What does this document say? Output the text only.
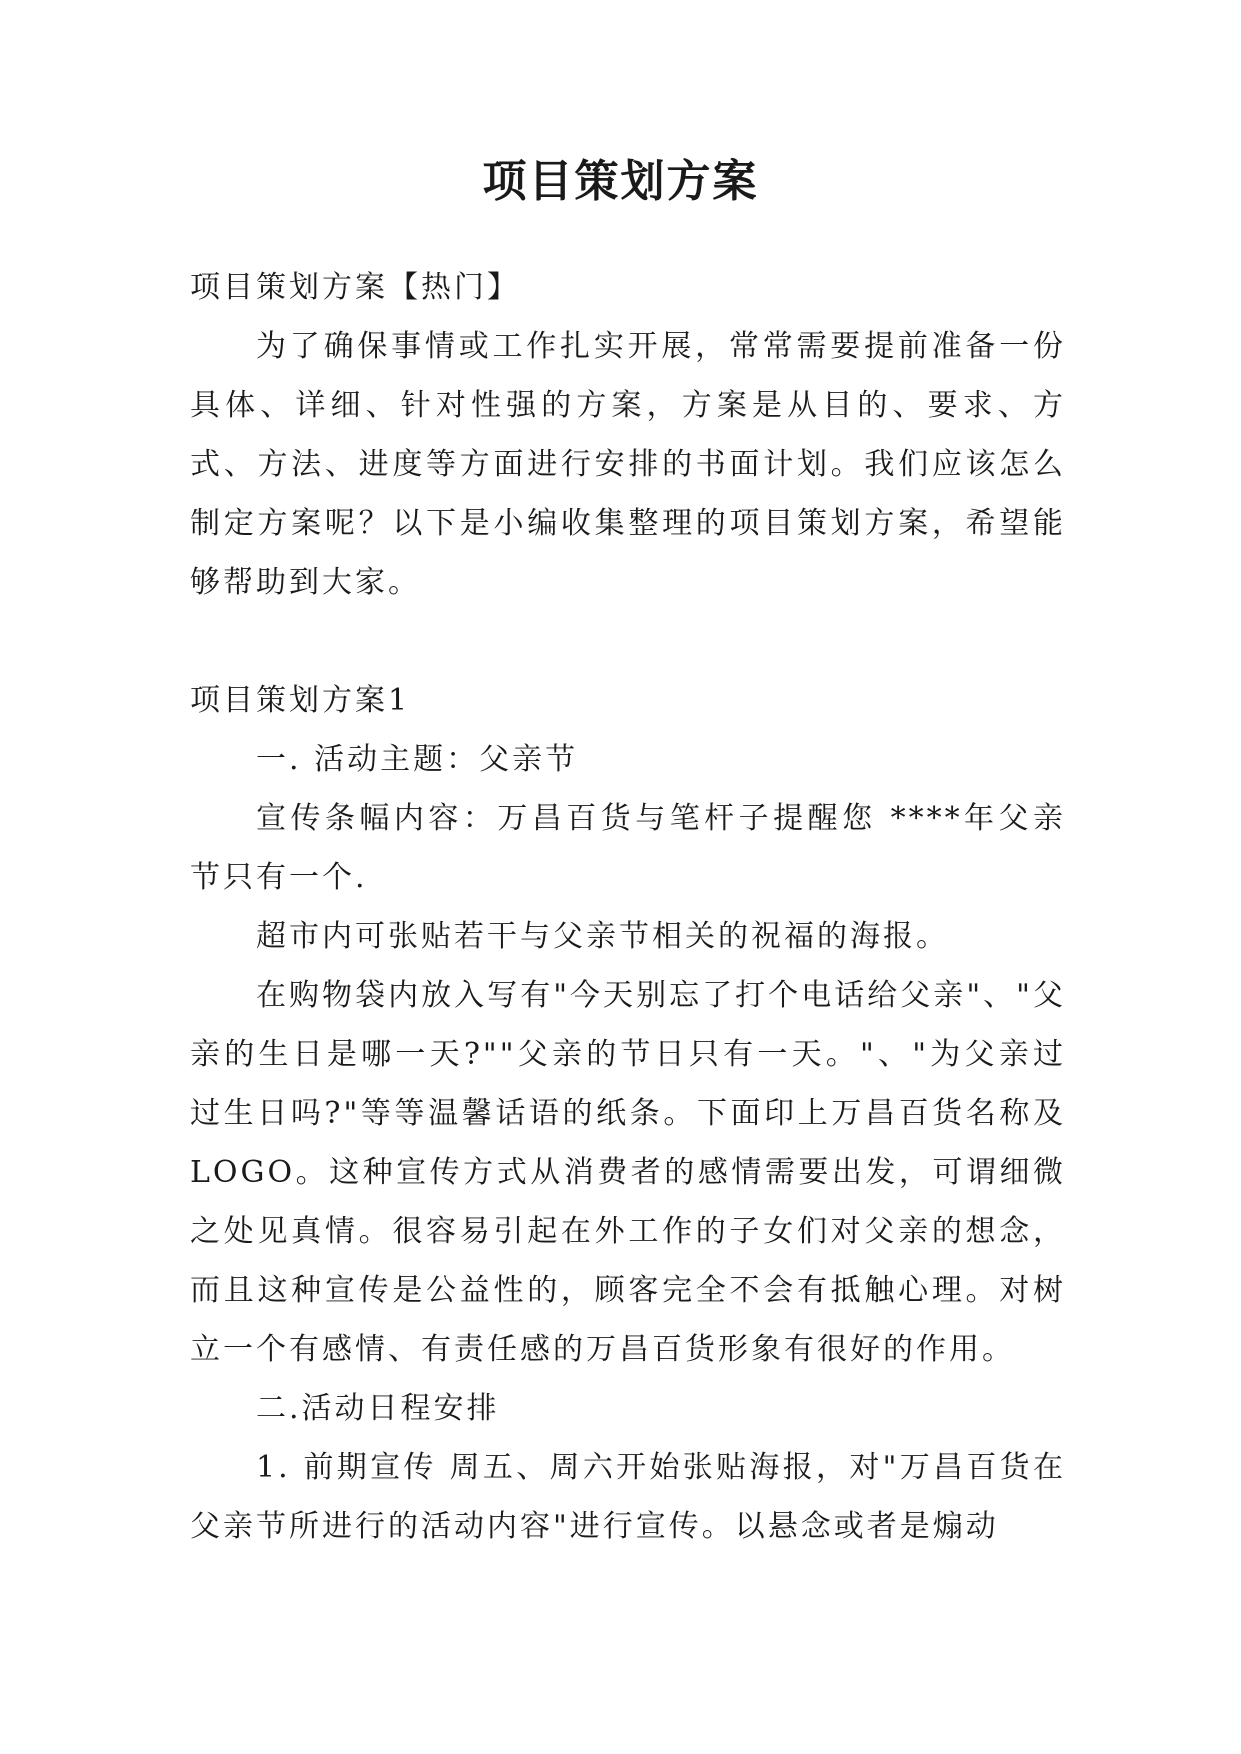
项目策划方案

项目策划方案【热门】

为了确保事情或工作扎实开展，常常需要提前准备一份具体、详细、针对性强的方案，方案是从目的、要求、方式、方法、进度等方面进行安排的书面计划。我们应该怎么制定方案呢？以下是小编收集整理的项目策划方案，希望能够帮助到大家。

项目策划方案1

一. 活动主题：父亲节

宣传条幅内容：万昌百货与笔杆子提醒您 ****年父亲节只有一个.

超市内可张贴若干与父亲节相关的祝福的海报。

在购物袋内放入写有"今天别忘了打个电话给父亲"、"父亲的生日是哪一天?""父亲的节日只有一天。"、"为父亲过过生日吗?"等等温馨话语的纸条。下面印上万昌百货名称及LOGO。这种宣传方式从消费者的感情需要出发，可谓细微之处见真情。很容易引起在外工作的子女们对父亲的想念，而且这种宣传是公益性的，顾客完全不会有抵触心理。对树立一个有感情、有责任感的万昌百货形象有很好的作用。

二.活动日程安排

1. 前期宣传 周五、周六开始张贴海报，对"万昌百货在父亲节所进行的活动内容"进行宣传。以悬念或者是煽动
